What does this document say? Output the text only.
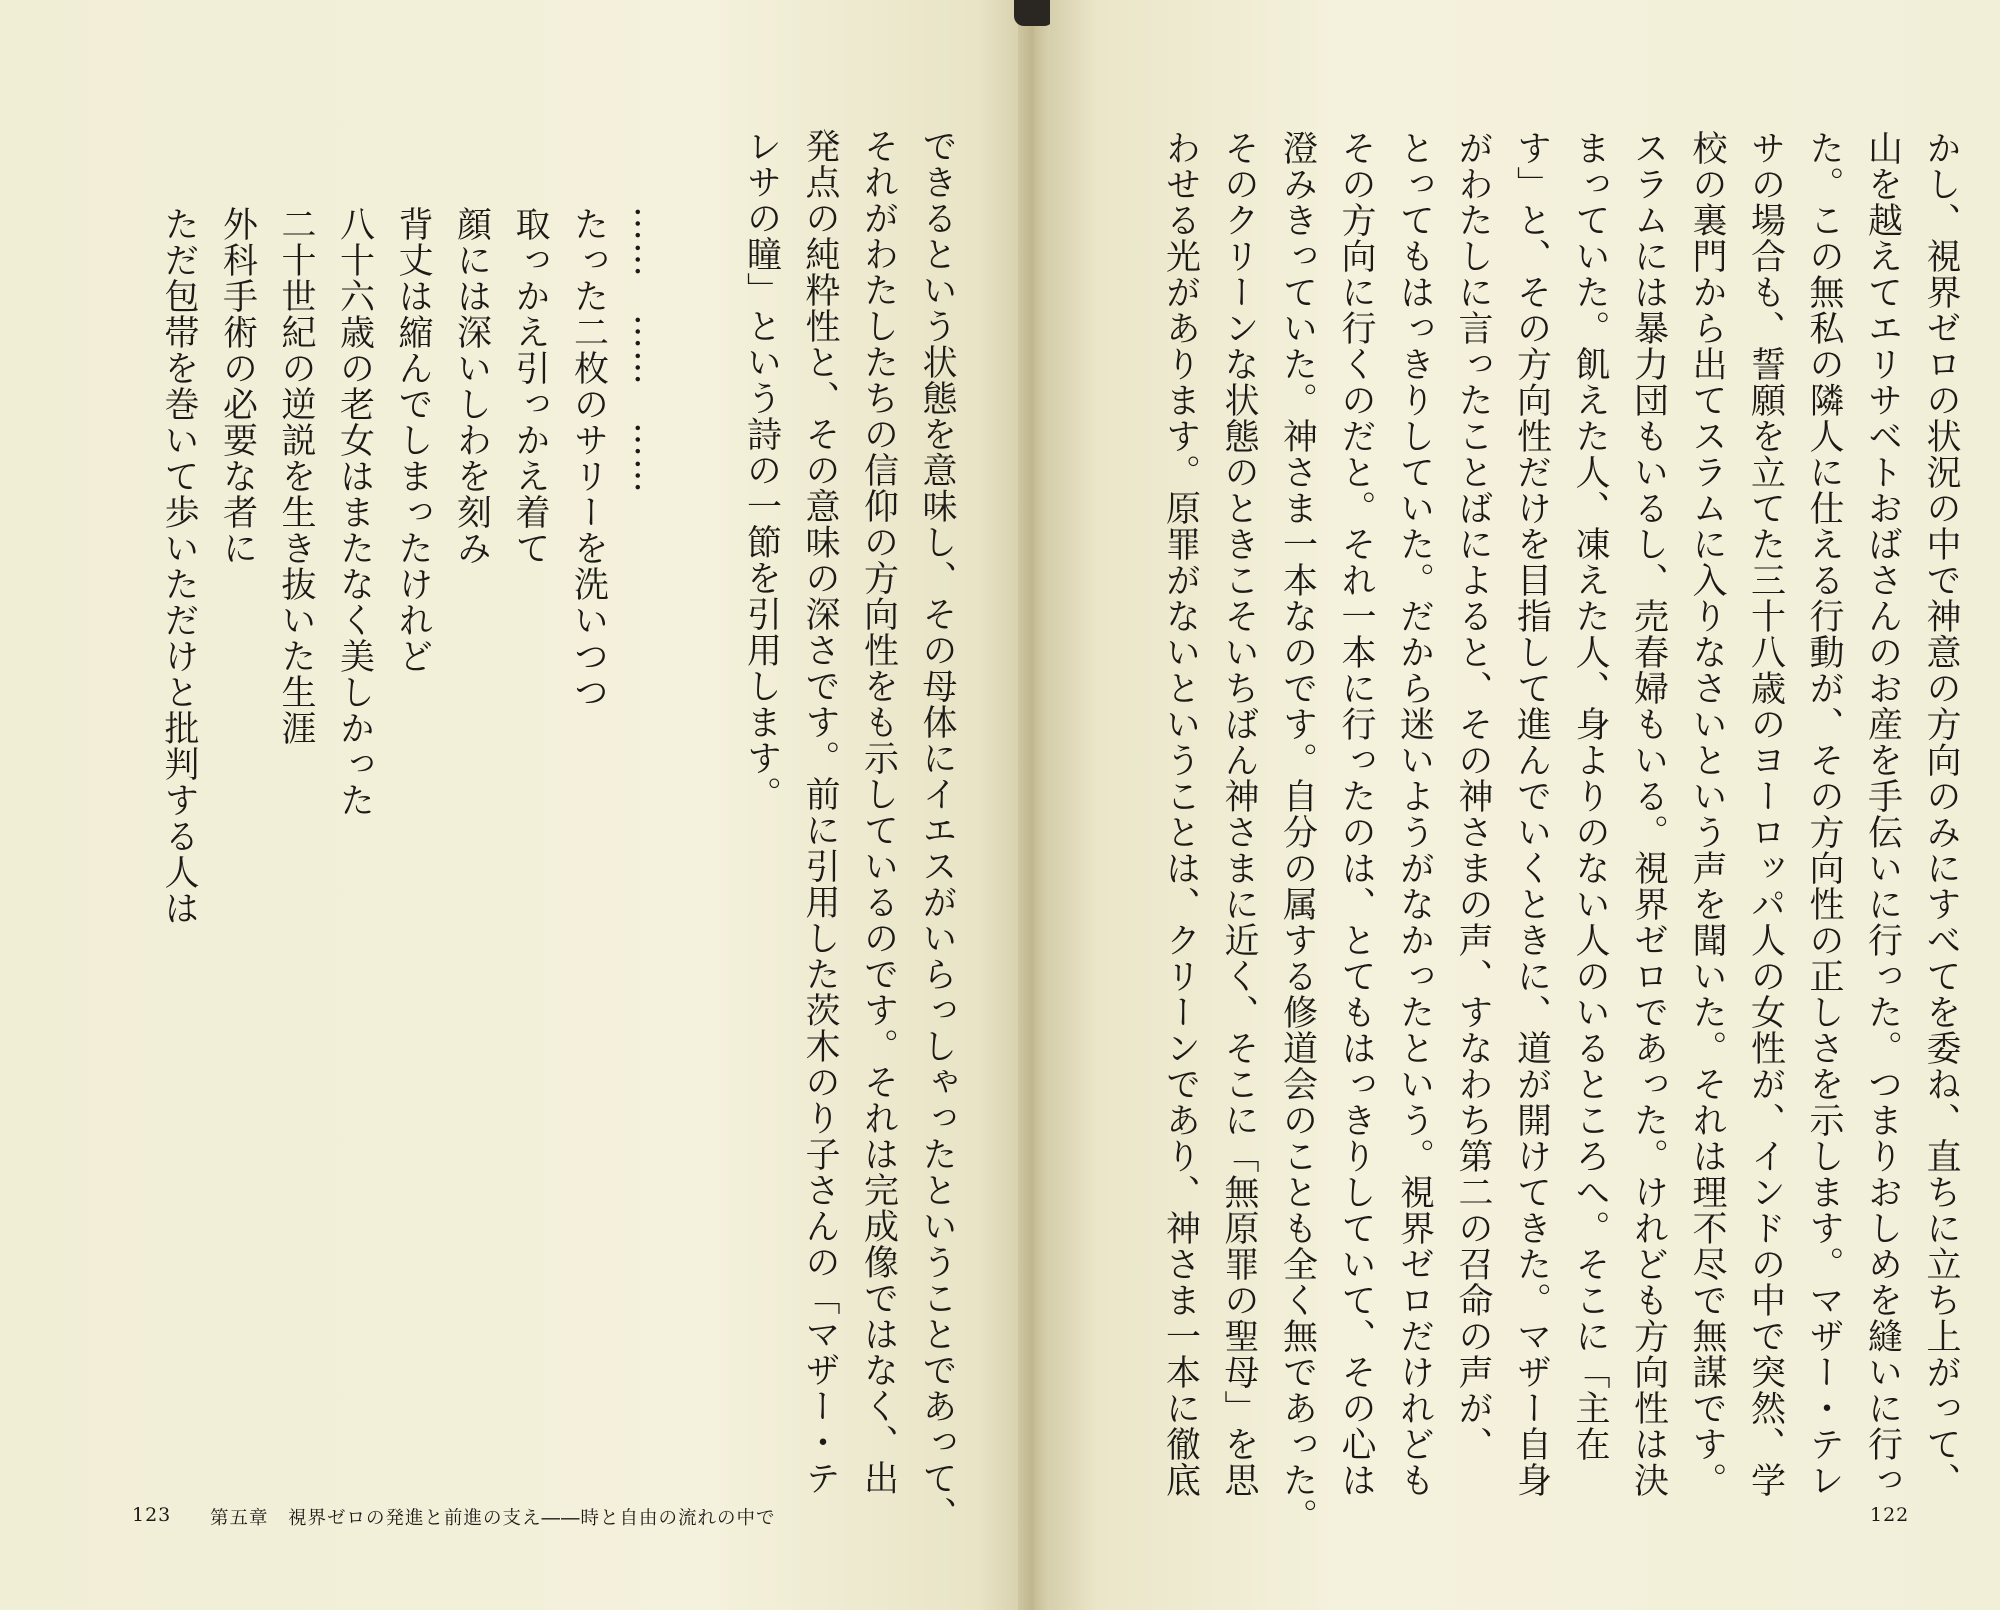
できるという状態を意味し、その母体にイエスがいらっしゃったということであって、
それがわたしたちの信仰の方向性をも示しているのです。それは完成像ではなく、出
発点の純粋性と、その意味の深さです。前に引用した茨木のり子さんの「マザー・テ
レサの瞳」という詩の一節を引用します。
……　……　……
たった二枚のサリーを洗いつつ
取っかえ引っかえ着て
顔には深いしわを刻み
背丈は縮んでしまったけれど
八十六歳の老女はまたなく美しかった
二十世紀の逆説を生き抜いた生涯
外科手術の必要な者に
ただ包帯を巻いて歩いただけと批判する人は
123 第五章　視界ゼロの発進と前進の支え――時と自由の流れの中で
かし、視界ゼロの状況の中で神意の方向のみにすべてを委ね、直ちに立ち上がって、
山を越えてエリサベトおばさんのお産を手伝いに行った。つまりおしめを縫いに行っ
た。この無私の隣人に仕える行動が、その方向性の正しさを示します。マザー・テレ
サの場合も、誓願を立てた三十八歳のヨーロッパ人の女性が、インドの中で突然、学
校の裏門から出てスラムに入りなさいという声を聞いた。それは理不尽で無謀です。
スラムには暴力団もいるし、売春婦もいる。視界ゼロであった。けれども方向性は決
まっていた。飢えた人、凍えた人、身よりのない人のいるところへ。そこに「主在
す」と、その方向性だけを目指して進んでいくときに、道が開けてきた。マザー自身
がわたしに言ったことばによると、その神さまの声、すなわち第二の召命の声が、
とってもはっきりしていた。だから迷いようがなかったという。視界ゼロだけれども
その方向に行くのだと。それ一本に行ったのは、とてもはっきりしていて、その心は
澄みきっていた。神さま一本なのです。自分の属する修道会のことも全く無であった。
そのクリーンな状態のときこそいちばん神さまに近く、そこに「無原罪の聖母」を思
わせる光があります。原罪がないということは、クリーンであり、神さま一本に徹底
122
